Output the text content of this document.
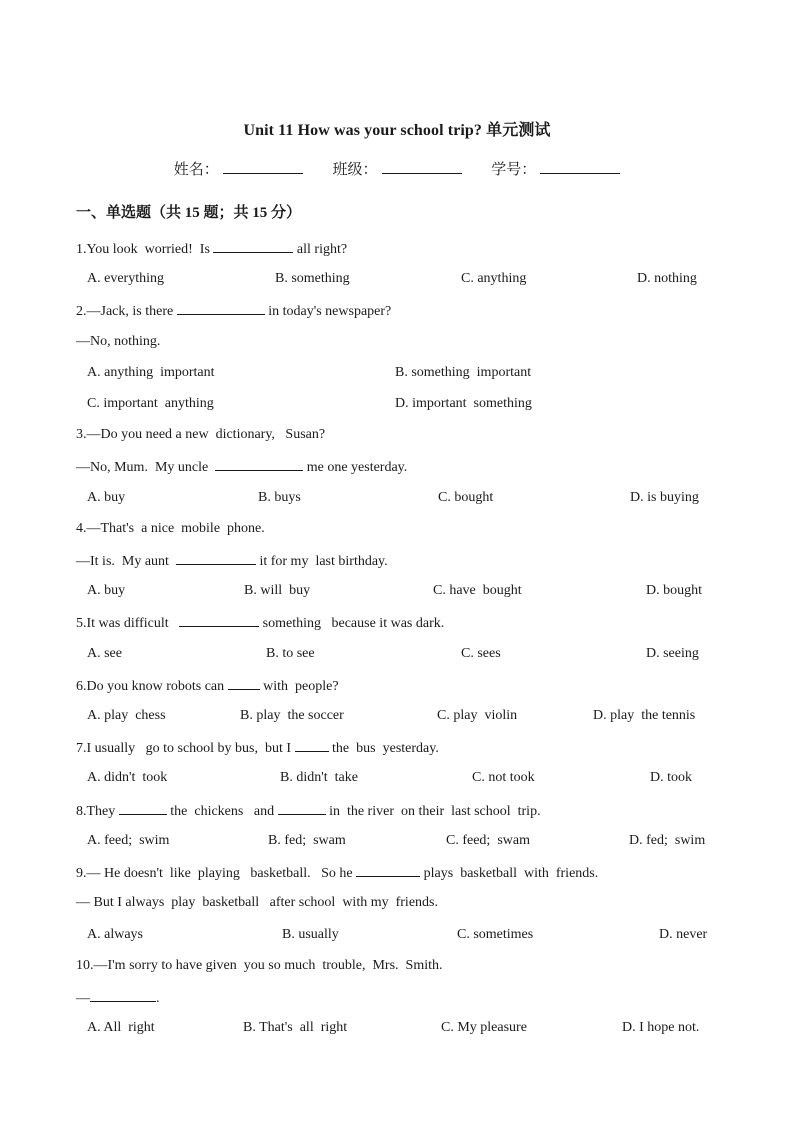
Unit 11 How was your school trip? 单元测试
姓名：	班级：	学号：
一、单选题（共 15 题；共 15 分）
1.You look  worried!  Is	all right?
A. everything	B. something	C. anything	D. nothing
2.—Jack, is there	in today's newspaper?
—No, nothing.
A. anything  important	B. something  important
C. important  anything	D. important  something
3.—Do you need a new  dictionary,   Susan?
—No, Mum.  My uncle	me one yesterday.
A. buy	B. buys	C. bought	D. is buying
4.—That's  a nice  mobile  phone.
—It is.  My aunt	it for my  last birthday.
A. buy	B. will  buy	C. have  bought	D. bought
5.It was difficult	something   because it was dark.
A. see	B. to see	C. sees	D. seeing
6.Do you know robots can  with  people?
A. play  chess	B. play  the soccer	C. play  violin	D. play  the tennis
7.I usually   go to school by bus,  but I  the  bus  yesterday.
A. didn't  took	B. didn't  take	C. not took	D. took
8.They	the  chickens   and	in  the river  on their  last school  trip.
A. feed;  swim	B. fed;  swam	C. feed;  swam	D. fed;  swim
9.— He doesn't  like  playing   basketball.   So he	plays  basketball  with  friends.
— But I always  play  basketball   after school  with my  friends.
A. always	B. usually	C. sometimes	D. never
10.—I'm sorry to have given  you so much  trouble,  Mrs.  Smith.
—	.
A. All  right	B. That's  all  right	C. My pleasure	D. I hope not.
